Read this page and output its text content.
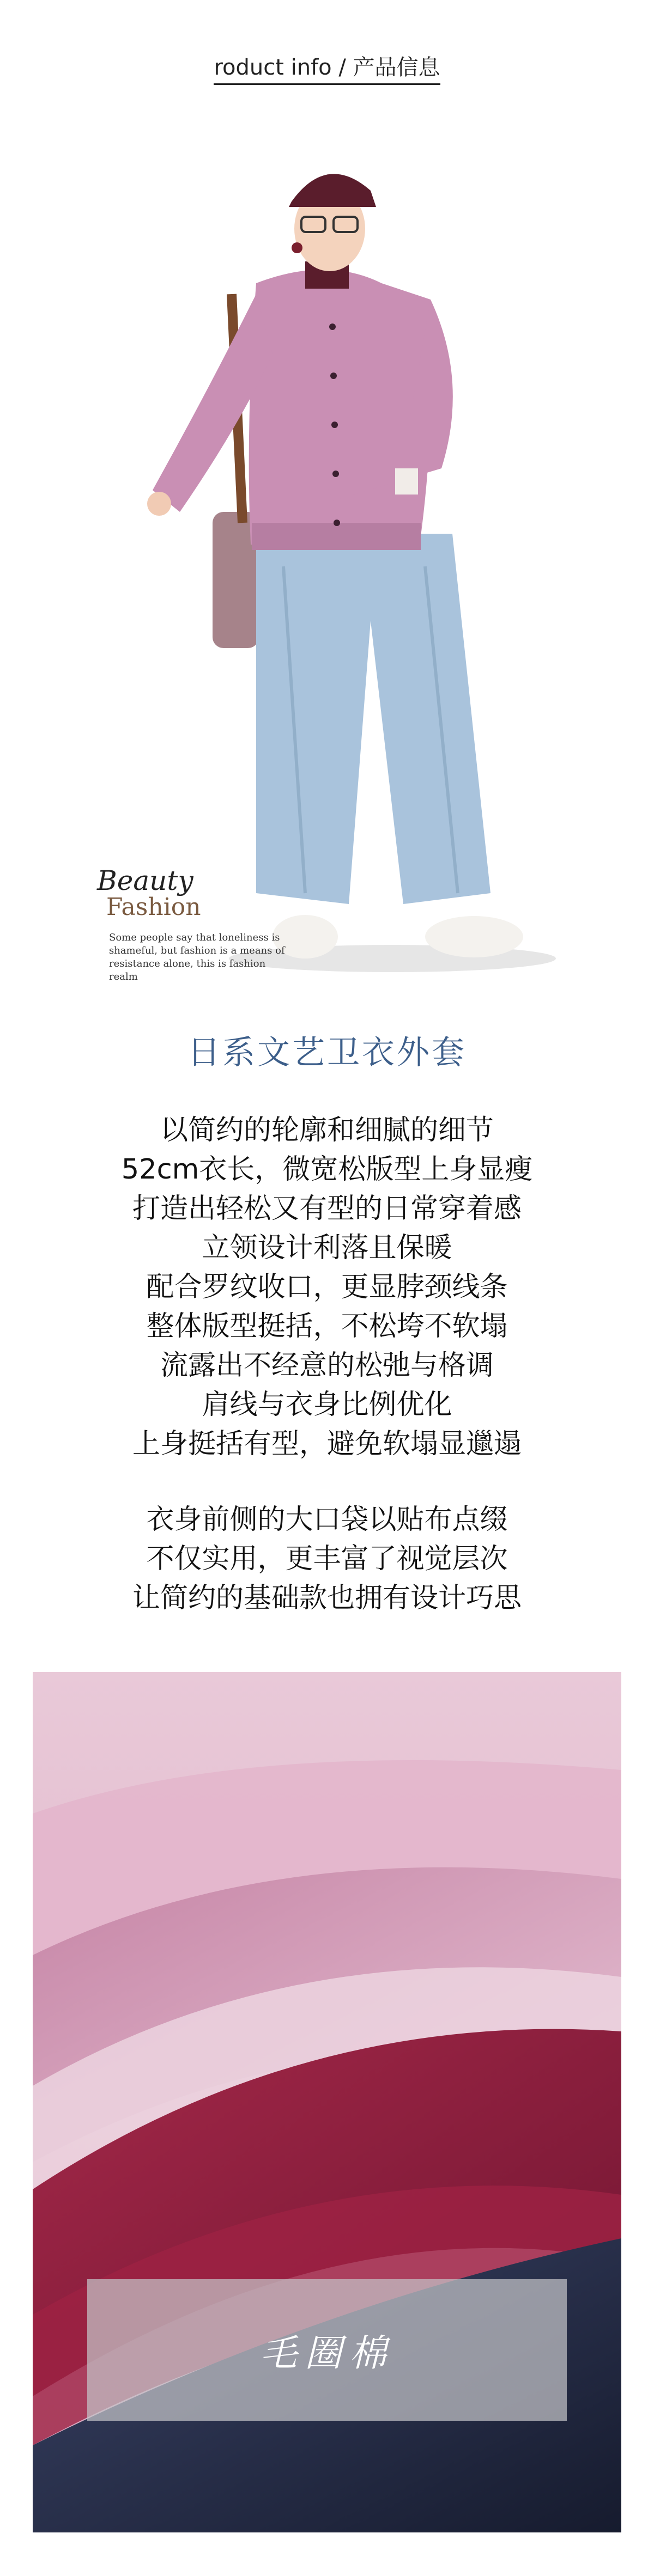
roduct info / 产品信息
Beauty
Fashion
Some people say that loneliness is shameful, but fashion is a means of resistance alone, this is fashion realm
日系文艺卫衣外套

以简约的轮廓和细腻的细节

52cm衣长，微宽松版型上身显瘦

打造出轻松又有型的日常穿着感

立领设计利落且保暖

配合罗纹收口，更显脖颈线条

整体版型挺括，不松垮不软塌

流露出不经意的松弛与格调

肩线与衣身比例优化

上身挺括有型，避免软塌显邋遢

衣身前侧的大口袋以贴布点缀

不仅实用，更丰富了视觉层次

让简约的基础款也拥有设计巧思

毛圈棉
